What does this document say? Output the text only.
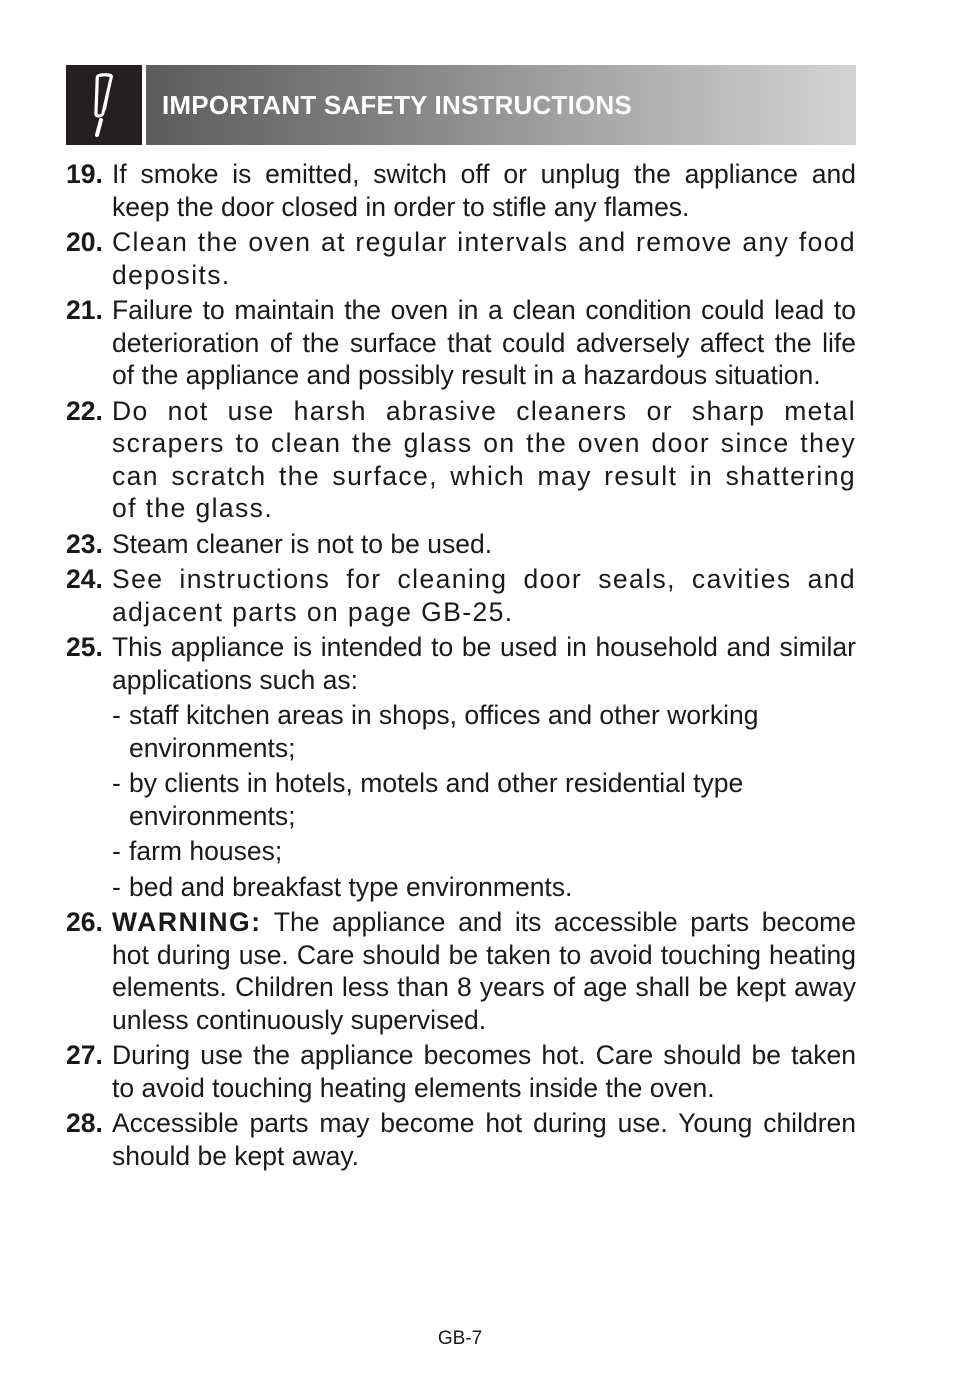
IMPORTANT SAFETY INSTRUCTIONS
19. If smoke is emitted, switch off or unplug the appliance and keep the door closed in order to stifle any flames.
20. Clean the oven at regular intervals and remove any food deposits.
21. Failure to maintain the oven in a clean condition could lead to deterioration of the surface that could adversely affect the life of the appliance and possibly result in a hazardous situation.
22. Do not use harsh abrasive cleaners or sharp metal scrapers to clean the glass on the oven door since they can scratch the surface, which may result in shattering of the glass.
23. Steam cleaner is not to be used.
24. See instructions for cleaning door seals, cavities and adjacent parts on page GB-25.
25. This appliance is intended to be used in household and similar applications such as:
- staff kitchen areas in shops, offices and other working environments;
- by clients in hotels, motels and other residential type environments;
- farm houses;
- bed and breakfast type environments.
26. WARNING: The appliance and its accessible parts become hot during use. Care should be taken to avoid touching heating elements. Children less than 8 years of age shall be kept away unless continuously supervised.
27. During use the appliance becomes hot. Care should be taken to avoid touching heating elements inside the oven.
28. Accessible parts may become hot during use. Young children should be kept away.
GB-7
